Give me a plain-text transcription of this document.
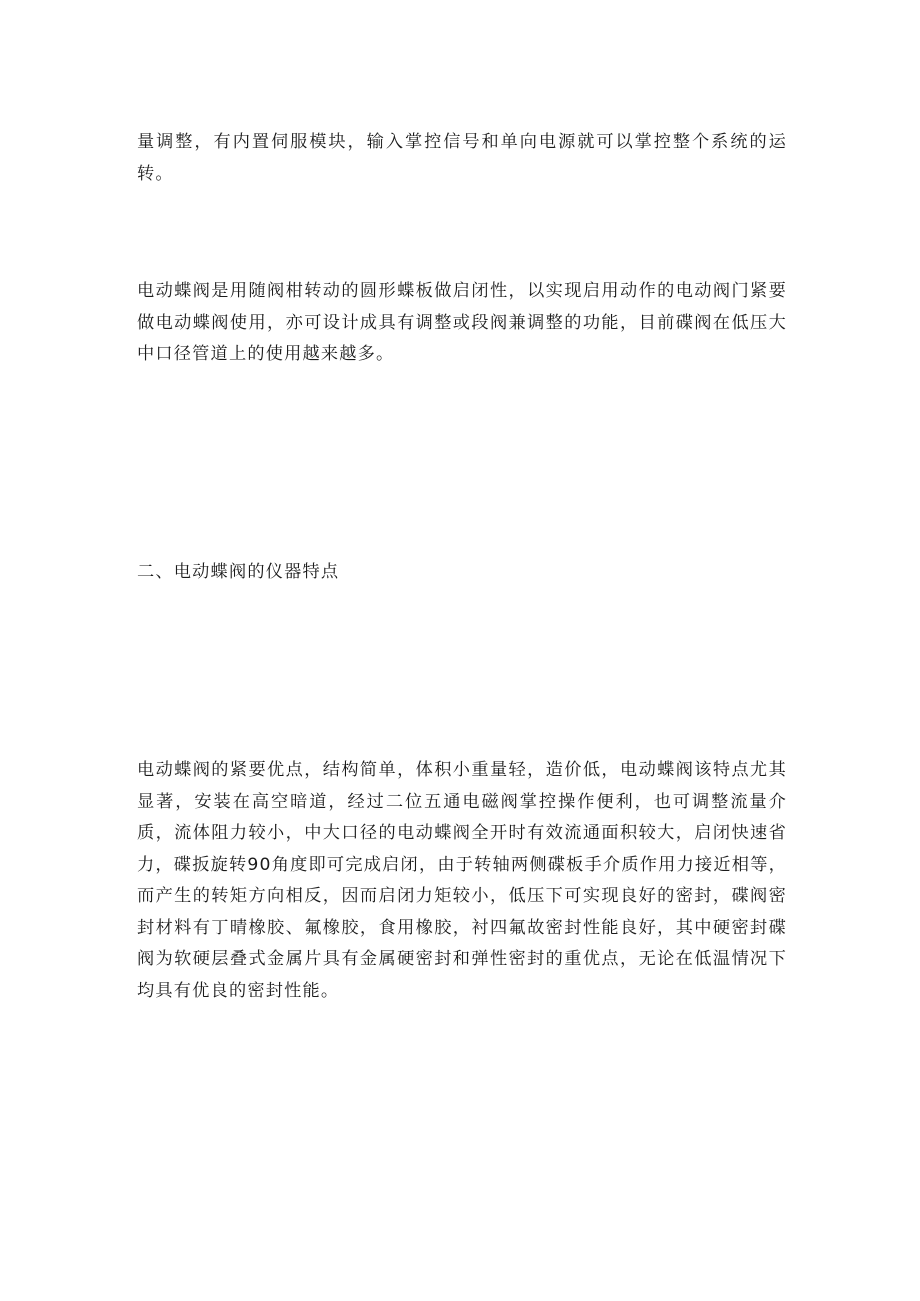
量调整，有内置伺服模块，输入掌控信号和单向电源就可以掌控整个系统的运转。

电动蝶阀是用随阀柑转动的圆形蝶板做启闭性，以实现启用动作的电动阀门紧要做电动蝶阀使用，亦可设计成具有调整或段阀兼调整的功能，目前碟阀在低压大中口径管道上的使用越来越多。

二、电动蝶阀的仪器特点

电动蝶阀的紧要优点，结构简单，体积小重量轻，造价低，电动蝶阀该特点尤其显著，安装在高空暗道，经过二位五通电磁阀掌控操作便利，也可调整流量介质，流体阻力较小，中大口径的电动蝶阀全开时有效流通面积较大，启闭快速省力，碟扳旋转90角度即可完成启闭，由于转轴两侧碟板手介质作用力接近相等，而产生的转矩方向相反，因而启闭力矩较小，低压下可实现良好的密封，碟阀密封材料有丁晴橡胶、氟橡胶，食用橡胶，衬四氟故密封性能良好，其中硬密封碟阀为软硬层叠式金属片具有金属硬密封和弹性密封的重优点，无论在低温情况下均具有优良的密封性能。
